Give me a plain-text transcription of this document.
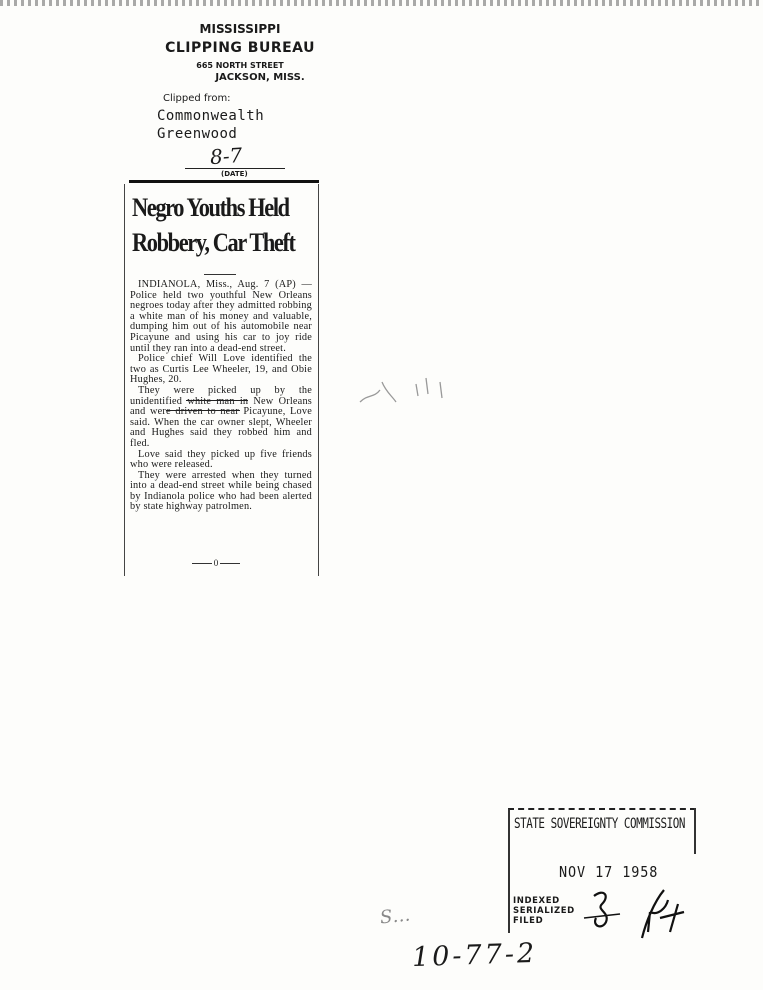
MISSISSIPPI
CLIPPING BUREAU
665 NORTH STREET
JACKSON, MISS.
Clipped from:
Commonwealth
Greenwood
8-7
(DATE)
Negro Youths Held
Robbery, Car Theft

INDIANOLA, Miss., Aug. 7 (AP) —Police held two youthful New Orleans negroes today after they admitted robbing a white man of his money and valuable, dumping him out of his automobile near Picayune and using his car to joy ride until they ran into a dead-end street.

Police chief Will Love identified the two as Curtis Lee Wheeler, 19, and Obie Hughes, 20.

They were picked up by the unidentified white man in New Orleans and were driven to near Picayune, Love said. When the car owner slept, Wheeler and Hughes said they robbed him and fled.

Love said they picked up five friends who were released.

They were arrested when they turned into a dead-end street while being chased by Indianola police who had been alerted by state highway patrolmen.

0
STATE SOVEREIGNTY COMMISSION
NOV 17 1958
INDEXED
SERIALIZED
FILED
S…
10-77-2
